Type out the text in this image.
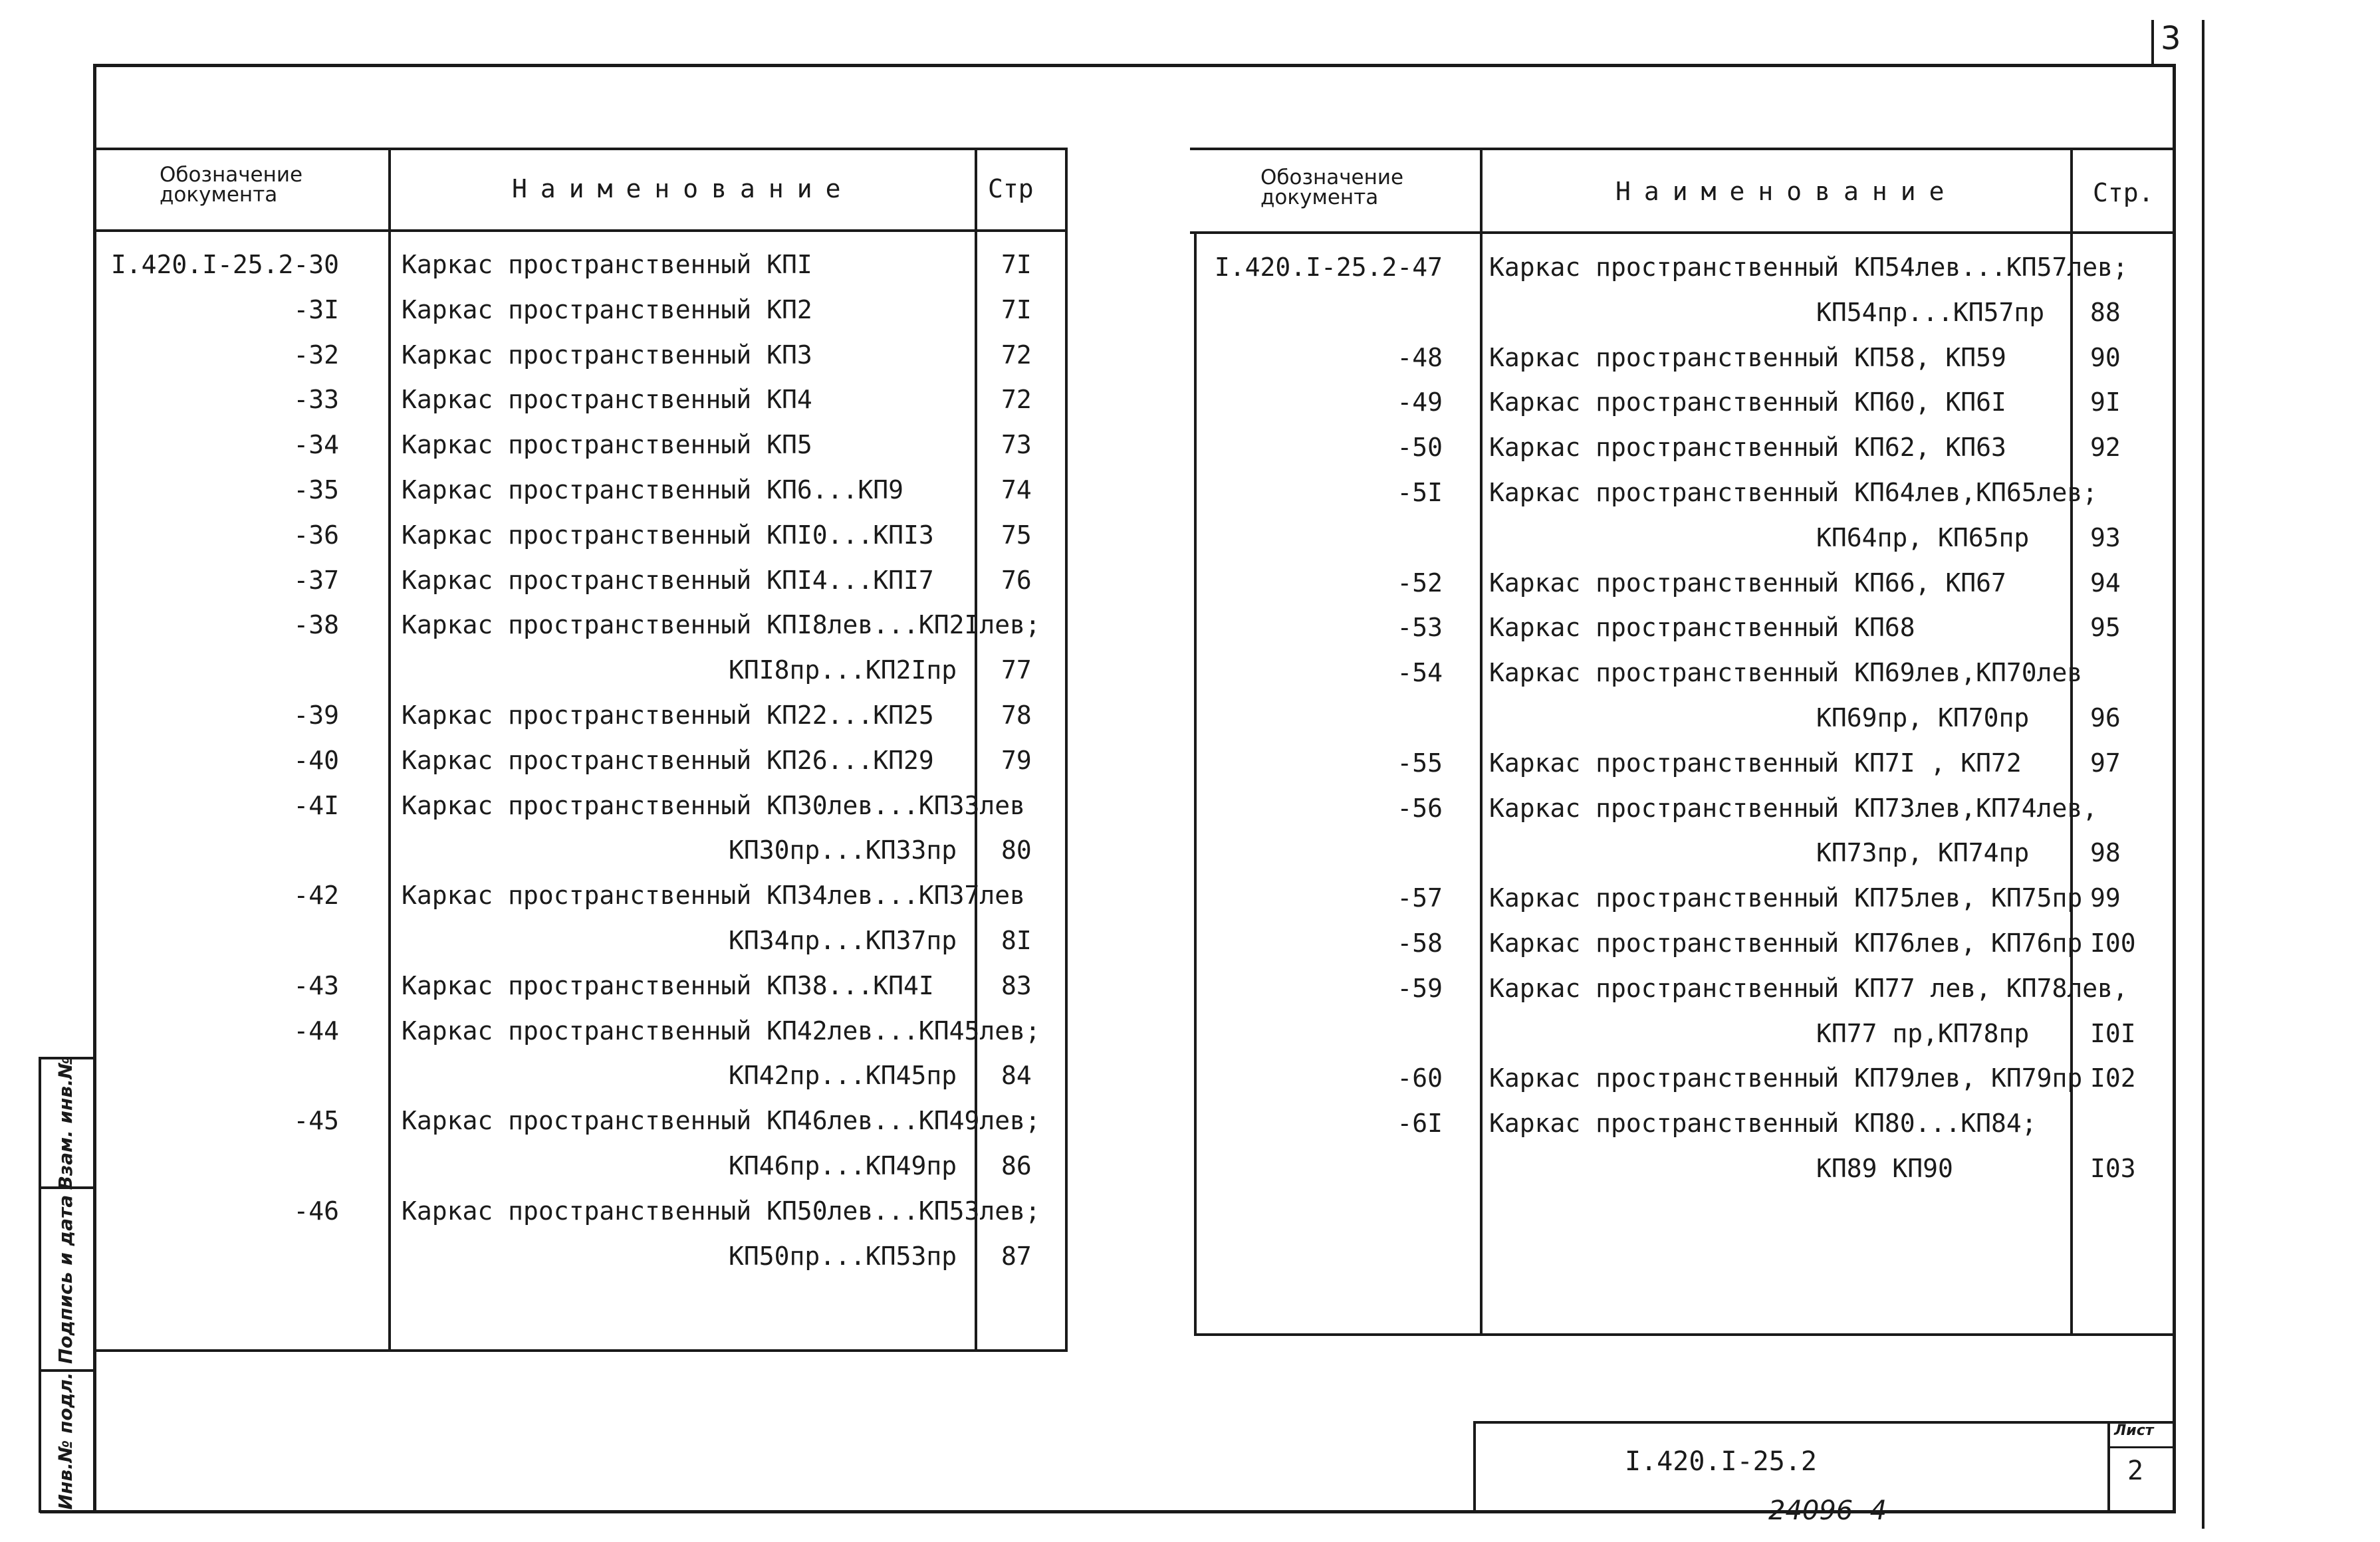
3
Взам. инв.№
Подпись и дата
Инв.№ подл.
Обозначение
документа	Наименование	Стр
I.420.I-25.2-30 Каркас пространственный КПI	7I
-3I Каркас пространственный КП2	7I
-32 Каркас пространственный КП3	72
-33 Каркас пространственный КП4	72
-34 Каркас пространственный КП5	73
-35 Каркас пространственный КП6...КП9	74
-36 Каркас пространственный КПI0...КПI3	75
-37 Каркас пространственный КПI4...КПI7	76
-38 Каркас пространственный КПI8лев...КП2Iлев;
КПI8пр...КП2Iпр 77
-39 Каркас пространственный КП22...КП25	78
-40 Каркас пространственный КП26...КП29	79
-4I Каркас пространственный КП30лев...КП33лев
КП30пр...КП33пр 80
-42 Каркас пространственный КП34лев...КП37лев
КП34пр...КП37пр 8I
-43 Каркас пространственный КП38...КП4I	83
-44 Каркас пространственный КП42лев...КП45лев;
КП42пр...КП45пр 84
-45 Каркас пространственный КП46лев...КП49лев;
КП46пр...КП49пр 86
-46 Каркас пространственный КП50лев...КП53лев;
КП50пр...КП53пр 87
Обозначение
документа	Наименование	Стр.
I.420.I-25.2-47 Каркас пространственный КП54лев...КП57лев;
КП54пр...КП57пр 88
-48 Каркас пространственный КП58, КП59	90
-49 Каркас пространственный КП60, КП6I	9I
-50 Каркас пространственный КП62, КП63	92
-5I Каркас пространственный КП64лев,КП65лев;
КП64пр, КП65пр 93
-52 Каркас пространственный КП66, КП67	94
-53 Каркас пространственный КП68	95
-54 Каркас пространственный КП69лев,КП70лев
КП69пр, КП70пр 96
-55 Каркас пространственный КП7I , КП72	97
-56 Каркас пространственный КП73лев,КП74лев,
КП73пр, КП74пр 98
-57 Каркас пространственный КП75лев, КП75пр 99
-58 Каркас пространственный КП76лев, КП76пр I00
-59 Каркас пространственный КП77 лев, КП78лев,
КП77 пр,КП78пр I0I
-60 Каркас пространственный КП79лев, КП79пр I02
-6I Каркас пространственный КП80...КП84;
КП89 КП90	I03
I.420.I-25.2
Лист
2
24096  4
